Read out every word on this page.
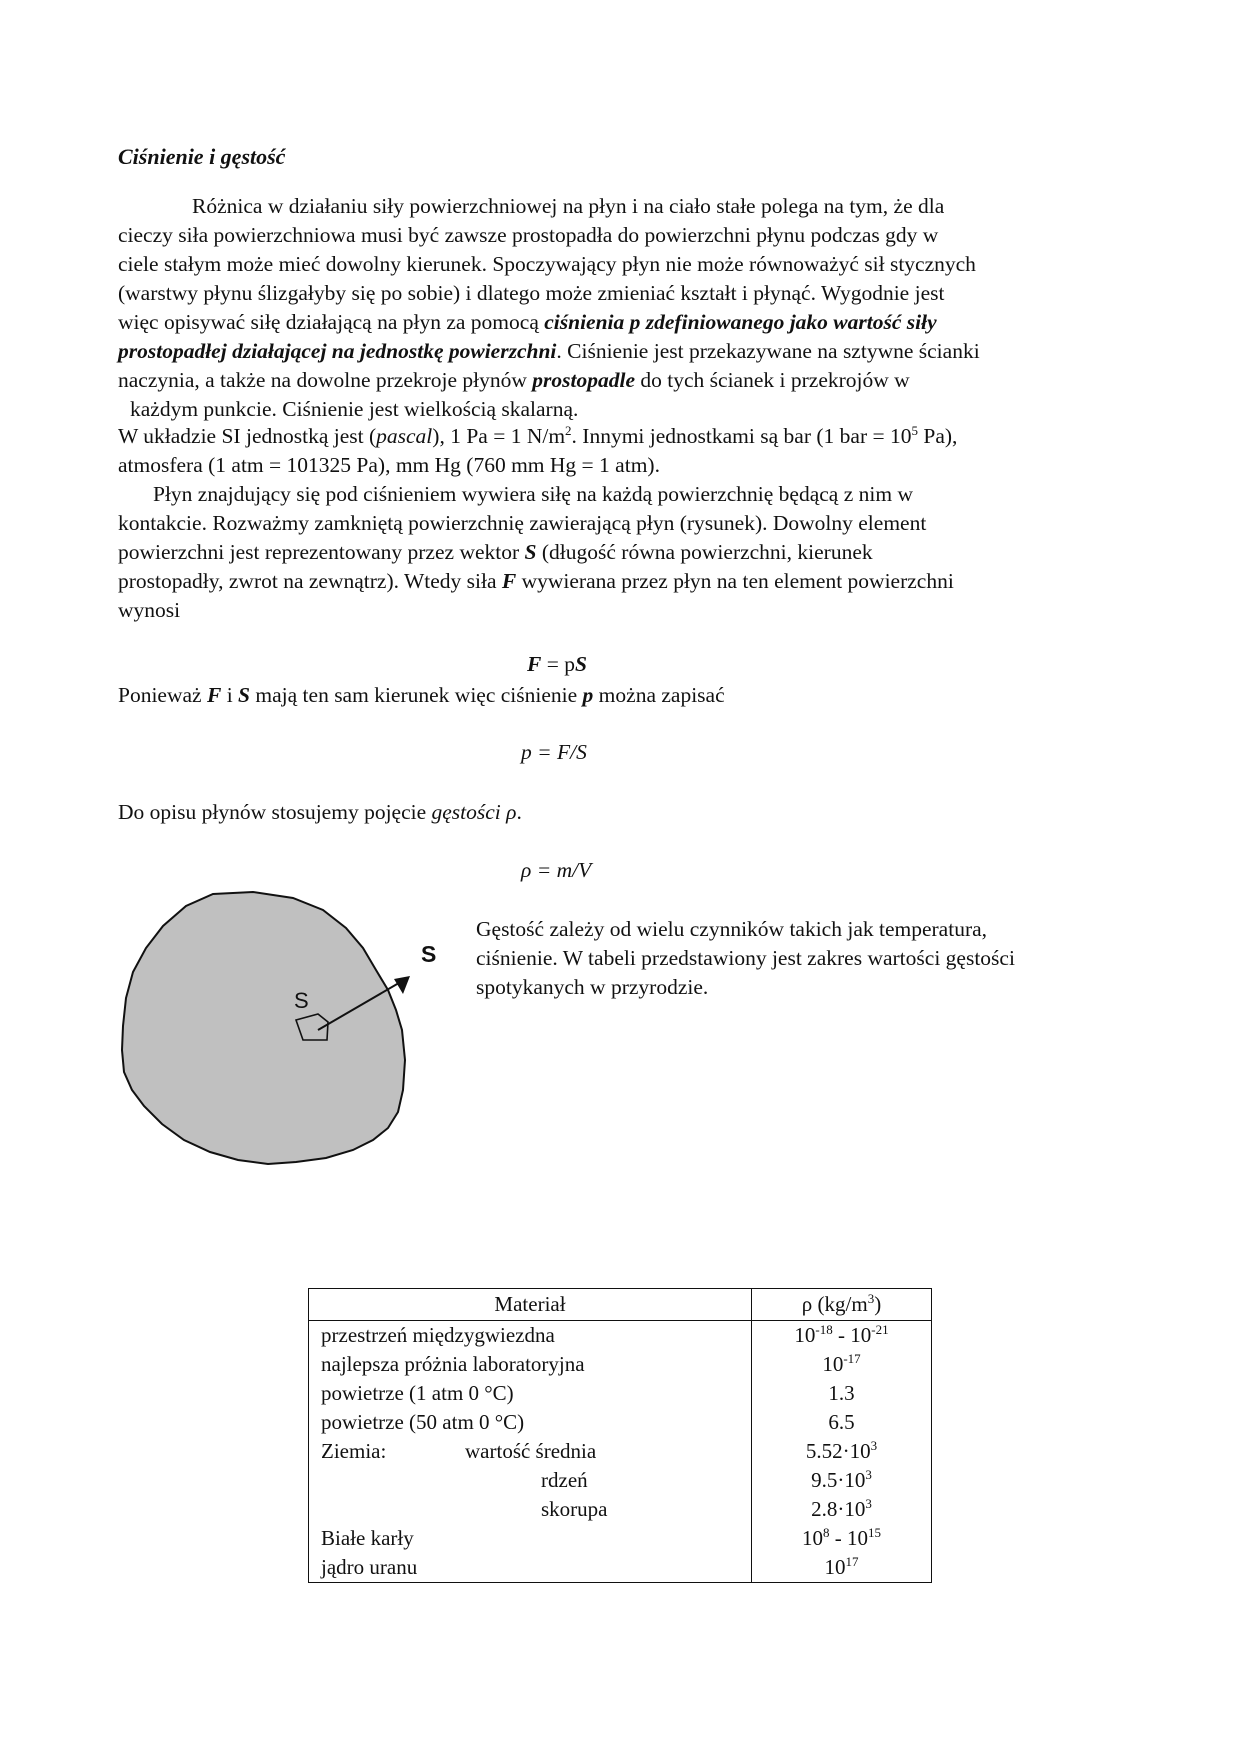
Ciśnienie i gęstość

Różnica w działaniu siły powierzchniowej na płyn i na ciało stałe polega na tym, że dla

cieczy siła powierzchniowa musi być zawsze prostopadła do powierzchni płynu podczas gdy w

ciele stałym może mieć dowolny kierunek. Spoczywający płyn nie może równoważyć sił stycznych

(warstwy płynu ślizgałyby się po sobie) i dlatego może zmieniać kształt i płynąć. Wygodnie jest

więc opisywać siłę działającą na płyn za pomocą ciśnienia p zdefiniowanego jako wartość siły

prostopadłej działającej na jednostkę powierzchni. Ciśnienie jest przekazywane na sztywne ścianki

naczynia, a także na dowolne przekroje płynów prostopadle do tych ścianek i przekrojów w

każdym punkcie. Ciśnienie jest wielkością skalarną.

W układzie SI jednostką jest (pascal), 1 Pa = 1 $N/m^2$. Innymi jednostkami są bar (1 bar = $10^5$ Pa),

atmosfera (1 atm = 101325 Pa), mm Hg (760 mm Hg = 1 atm).

Płyn znajdujący się pod ciśnieniem wywiera siłę na każdą powierzchnię będącą z nim w

kontakcie. Rozważmy zamkniętą powierzchnię zawierającą płyn (rysunek). Dowolny element

powierzchni jest reprezentowany przez wektor S (długość równa powierzchni, kierunek

prostopadły, zwrot na zewnątrz). Wtedy siła F wywierana przez płyn na ten element powierzchni

wynosi

F = pS

Ponieważ F i S mają ten sam kierunek więc ciśnienie p można zapisać

p = F/S

Do opisu płynów stosujemy pojęcie gęstości ρ.

ρ = m/V

S
S

Gęstość zależy od wielu czynników takich jak temperatura,

ciśnienie. W tabeli przedstawiony jest zakres wartości gęstości

spotykanych w przyrodzie.

Materiał	ρ $(kg/m^3)$
przestrzeń międzygwiezdna	$10^{-18} - 10^{-21}$
najlepsza próżnia laboratoryjna	$10^{-17}$
powietrze (1 atm 0 °C)	1.3
powietrze (50 atm 0 °C)	6.5
Ziemia: wartość średnia	$5.52\cdot 10^3$

rdzeń	$9.5\cdot 10^3$

skorupa	$2.8\cdot 10^3$
Białe karły	$10^8 - 10^{15}$
jądro uranu	$10^{17}$
